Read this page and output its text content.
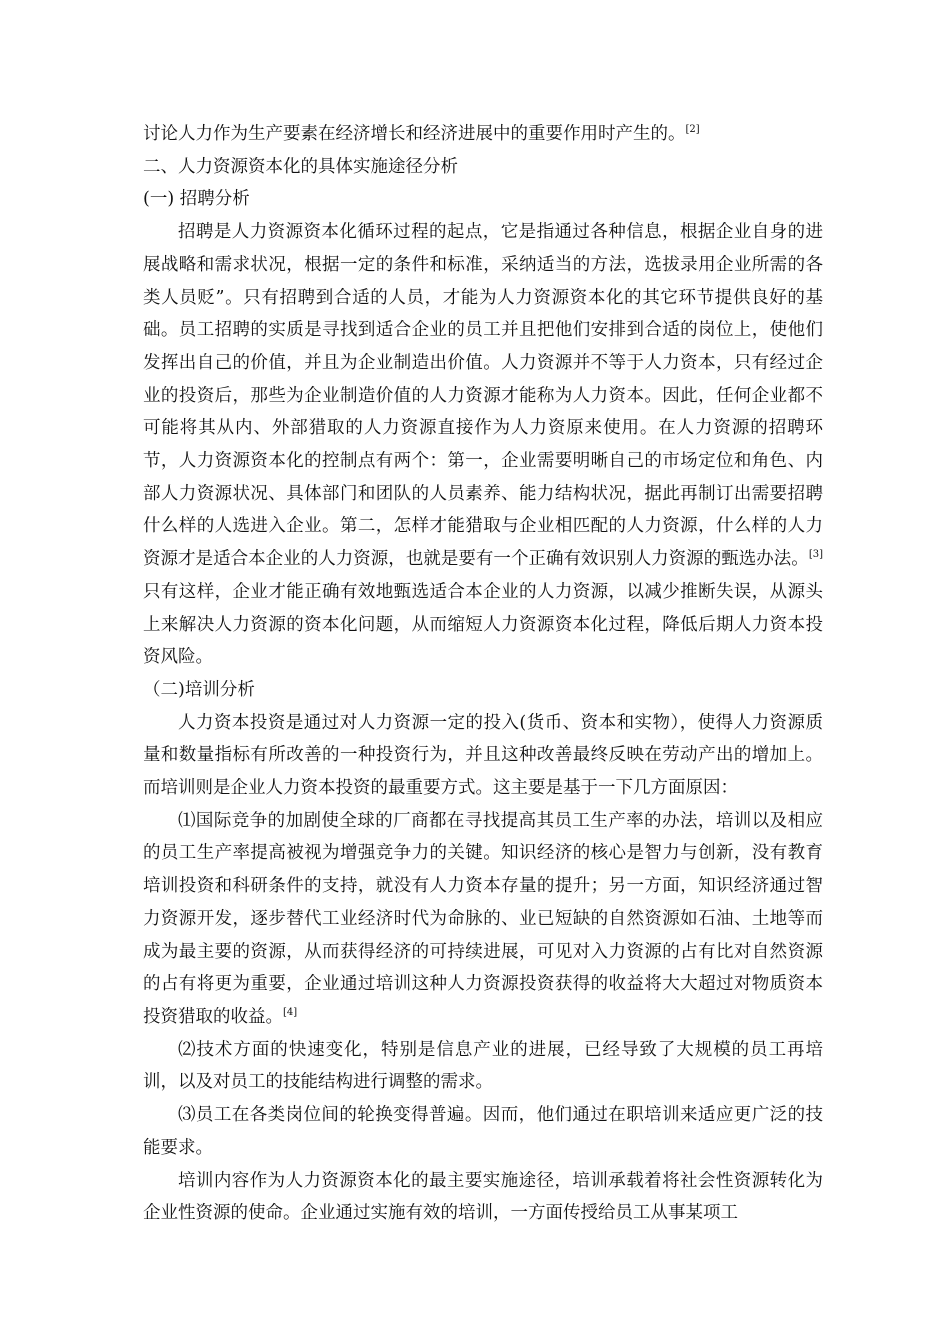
讨论人力作为生产要素在经济增长和经济进展中的重要作用时产生的。[2]

二、人力资源资本化的具体实施途径分析

(一) 招聘分析

招聘是人力资源资本化循环过程的起点，它是指通过各种信息，根据企业自身的进展战略和需求状况，根据一定的条件和标准，采纳适当的方法，选拔录用企业所需的各类人员贬”。只有招聘到合适的人员，才能为人力资源资本化的其它环节提供良好的基础。员工招聘的实质是寻找到适合企业的员工并且把他们安排到合适的岗位上，使他们发挥出自己的价值，并且为企业制造出价值。人力资源并不等于人力资本，只有经过企业的投资后，那些为企业制造价值的人力资源才能称为人力资本。因此，任何企业都不可能将其从内、外部猎取的人力资源直接作为人力资原来使用。在人力资源的招聘环节，人力资源资本化的控制点有两个：第一，企业需要明晰自己的市场定位和角色、内部人力资源状况、具体部门和团队的人员素养、能力结构状况，据此再制订出需要招聘什么样的人选进入企业。第二，怎样才能猎取与企业相匹配的人力资源，什么样的人力资源才是适合本企业的人力资源，也就是要有一个正确有效识别人力资源的甄选办法。[3]只有这样，企业才能正确有效地甄选适合本企业的人力资源，以减少推断失误，从源头上来解决人力资源的资本化问题，从而缩短人力资源资本化过程，降低后期人力资本投资风险。

（二)培训分析

人力资本投资是通过对人力资源一定的投入(货币、资本和实物），使得人力资源质量和数量指标有所改善的一种投资行为，并且这种改善最终反映在劳动产出的增加上。而培训则是企业人力资本投资的最重要方式。这主要是基于一下几方面原因：

⑴国际竞争的加剧使全球的厂商都在寻找提高其员工生产率的办法，培训以及相应的员工生产率提高被视为增强竞争力的关键。知识经济的核心是智力与创新，没有教育培训投资和科研条件的支持，就没有人力资本存量的提升；另一方面，知识经济通过智力资源开发，逐步替代工业经济时代为命脉的、业已短缺的自然资源如石油、土地等而成为最主要的资源，从而获得经济的可持续进展，可见对入力资源的占有比对自然资源的占有将更为重要，企业通过培训这种人力资源投资获得的收益将大大超过对物质资本投资猎取的收益。[4]

⑵技术方面的快速变化，特别是信息产业的进展，已经导致了大规模的员工再培训，以及对员工的技能结构进行调整的需求。

⑶员工在各类岗位间的轮换变得普遍。因而，他们通过在职培训来适应更广泛的技能要求。

培训内容作为人力资源资本化的最主要实施途径，培训承载着将社会性资源转化为企业性资源的使命。企业通过实施有效的培训，一方面传授给员工从事某项工
